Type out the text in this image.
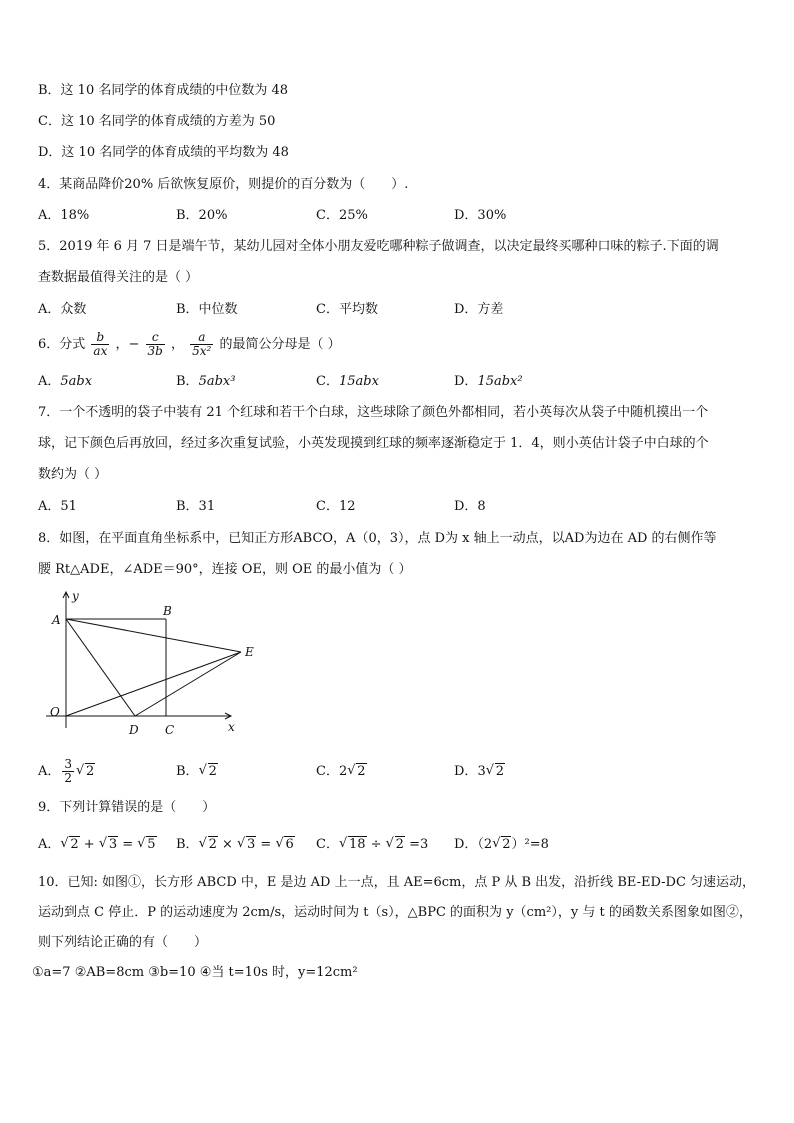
B．这 10 名同学的体育成绩的中位数为 48
C．这 10 名同学的体育成绩的方差为 50
D．这 10 名同学的体育成绩的平均数为 48
4．某商品降价20% 后欲恢复原价，则提价的百分数为（　　）.
A．18%	B．20%	C．25%	D．30%
5．2019 年 6 月 7 日是端午节，某幼儿园对全体小朋友爱吃哪种粽子做调查，以决定最终买哪种口味的粽子.下面的调
查数据最值得关注的是（ ）
A．众数	B．中位数	C．平均数	D．方差
6．分式 $\frac{b}{ax}$ ，− $\frac{c}{3b}$ ， $\frac{a}{\text{5x²}}$ 的最简公分母是（ ）
A．5abx	B．5abx³	C．15abx	D．15abx²
7．一个不透明的袋子中装有 21 个红球和若干个白球，这些球除了颜色外都相同，若小英每次从袋子中随机摸出一个
球，记下颜色后再放回，经过多次重复试验，小英发现摸到红球的频率逐渐稳定于 1．4，则小英估计袋子中白球的个
数约为（ ）
A．51	B．31	C．12	D．8
8．如图，在平面直角坐标系中，已知正方形ABCO，A（0，3），点 D为 x 轴上一动点，以AD为边在 AD 的右侧作等
腰 Rt△ADE，∠ADE＝90°，连接 OE，则 OE 的最小值为（ ）
y
A
B
E
O
D C	x
A． $\frac{3}{2}$ √ 2	B． √ 2	C．2 √ 2	D．3 √ 2
9．下列计算错误的是（　　）
A． √ 2 + √ 3 = √ 5 B． √ 2 × √ 3 = √ 6 C． √ 18 ÷ √ 2 =3 D．（2 √ 2）²=8
10．已知: 如图①，长方形 ABCD 中，E 是边 AD 上一点，且 AE=6cm，点 P 从 B 出发，沿折线 BE-ED-DC 匀速运动，
运动到点 C 停止．P 的运动速度为 2cm/s，运动时间为 t（s），△BPC 的面积为 y（cm²），y 与 t 的函数关系图象如图②，
则下列结论正确的有（　　）
①a=7 ②AB=8cm ③b=10 ④当 t=10s 时，y=12cm²
